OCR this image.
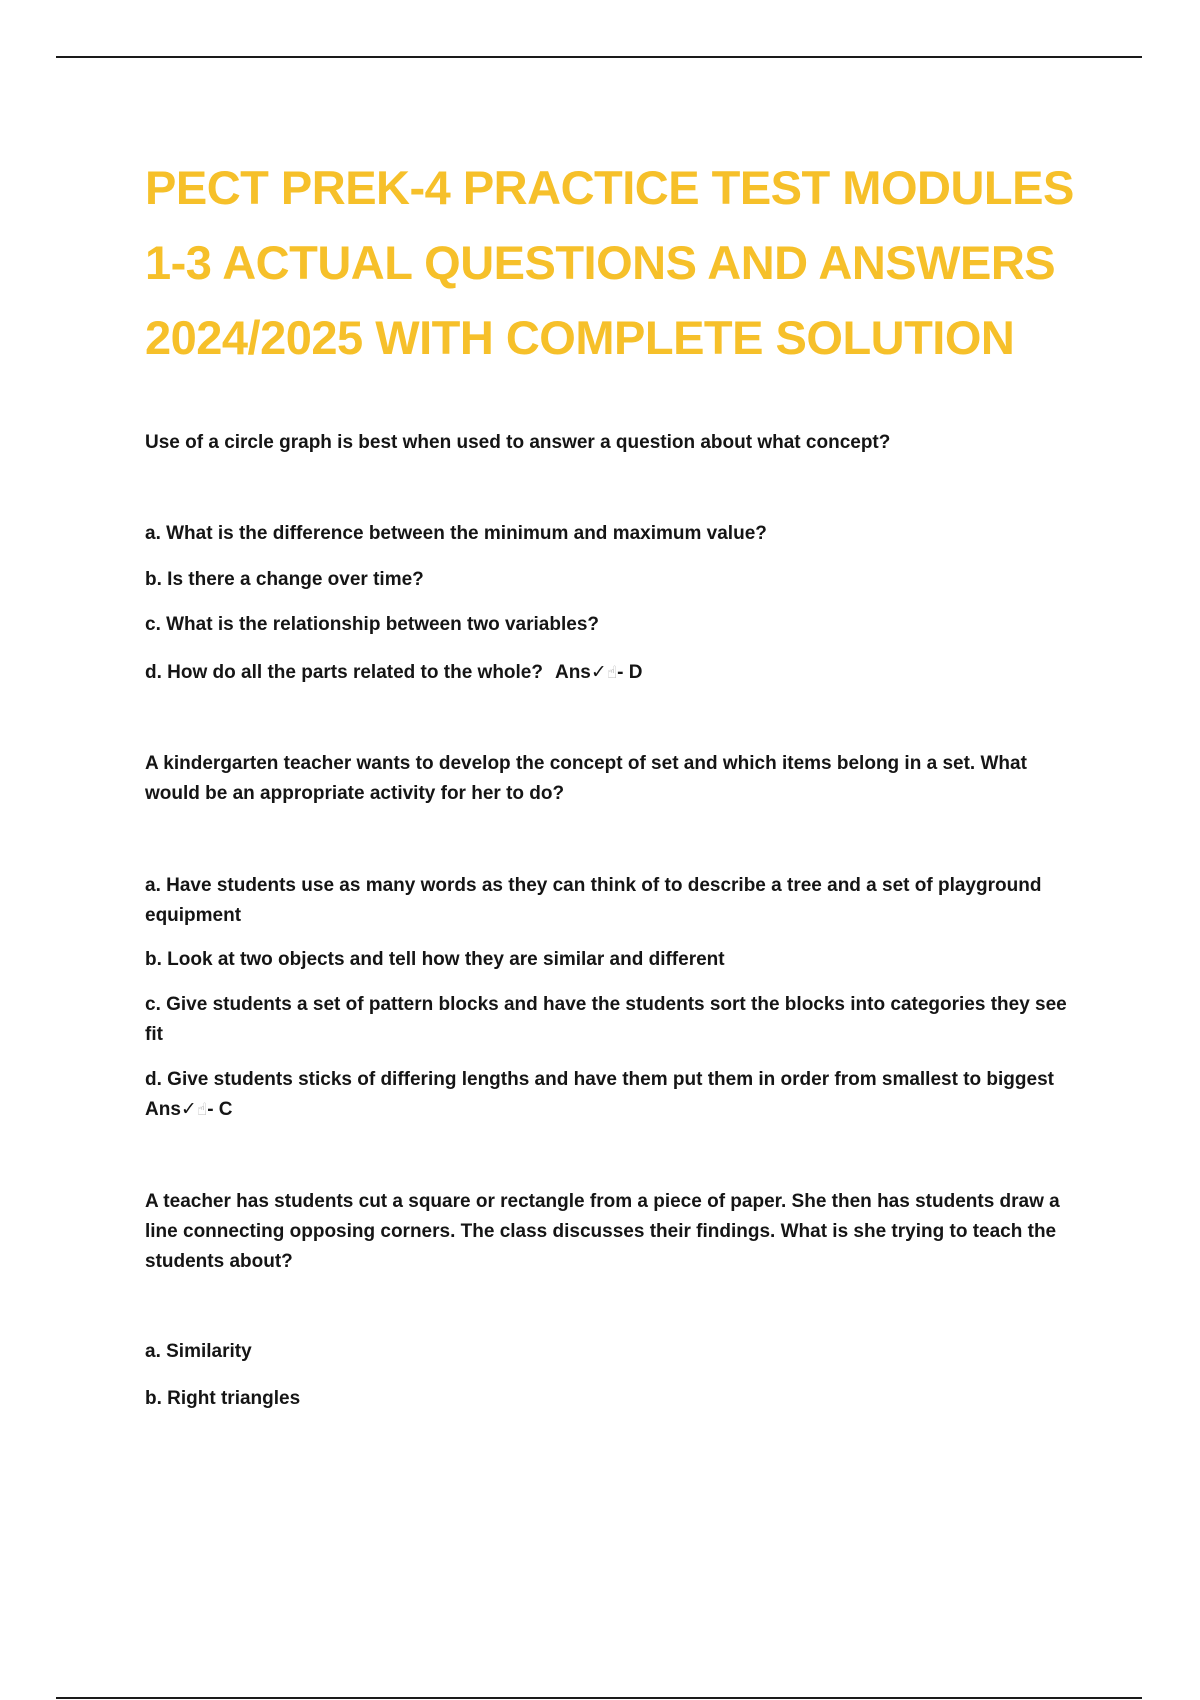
PECT PREK-4 PRACTICE TEST MODULES
1-3 ACTUAL QUESTIONS AND ANSWERS
2024/2025 WITH COMPLETE SOLUTION

Use of a circle graph is best when used to answer a question about what concept?

a. What is the difference between the minimum and maximum value?

b. Is there a change over time?

c. What is the relationship between two variables?

d. How do all the parts related to the whole? Ans✓☝- D

A kindergarten teacher wants to develop the concept of set and which items belong in a set. What would be an appropriate activity for her to do?

a. Have students use as many words as they can think of to describe a tree and a set of playground equipment

b. Look at two objects and tell how they are similar and different

c. Give students a set of pattern blocks and have the students sort the blocks into categories they see fit

d. Give students sticks of differing lengths and have them put them in order from smallest to biggest Ans✓☝- C

A teacher has students cut a square or rectangle from a piece of paper. She then has students draw a line connecting opposing corners. The class discusses their findings. What is she trying to teach the students about?

a. Similarity

b. Right triangles
